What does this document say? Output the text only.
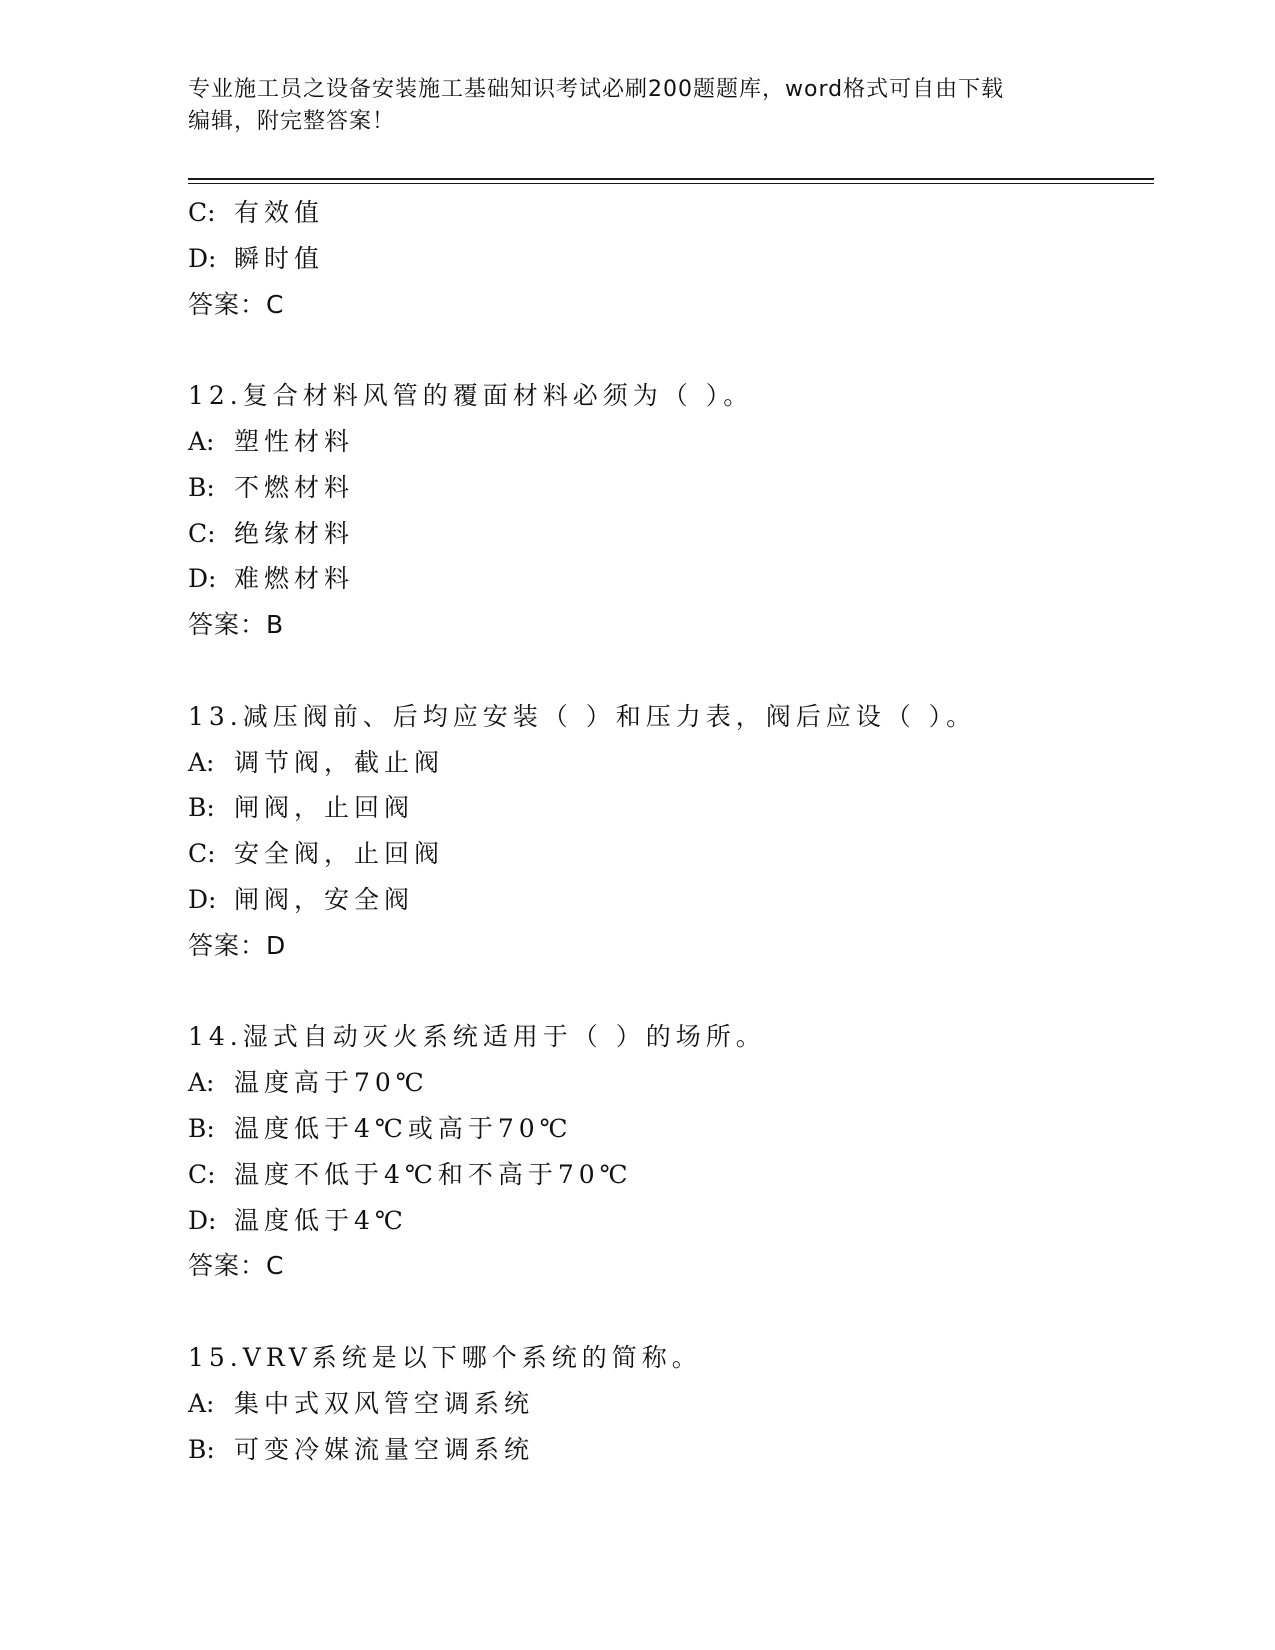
专业施工员之设备安装施工基础知识考试必刷200题题库，word格式可自由下载
编辑，附完整答案！
C: 有效值
D: 瞬时值
答案：C
12.复合材料风管的覆面材料必须为（ ）。
A: 塑性材料
B: 不燃材料
C: 绝缘材料
D: 难燃材料
答案：B
13.减压阀前、后均应安装（ ）和压力表，阀后应设（ ）。
A: 调节阀，截止阀
B: 闸阀，止回阀
C: 安全阀，止回阀
D: 闸阀，安全阀
答案：D
14.湿式自动灭火系统适用于（ ）的场所。
A: 温度高于70℃
B: 温度低于4℃或高于70℃
C: 温度不低于4℃和不高于70℃
D: 温度低于4℃
答案：C
15.VRV系统是以下哪个系统的简称。
A: 集中式双风管空调系统
B: 可变冷媒流量空调系统
